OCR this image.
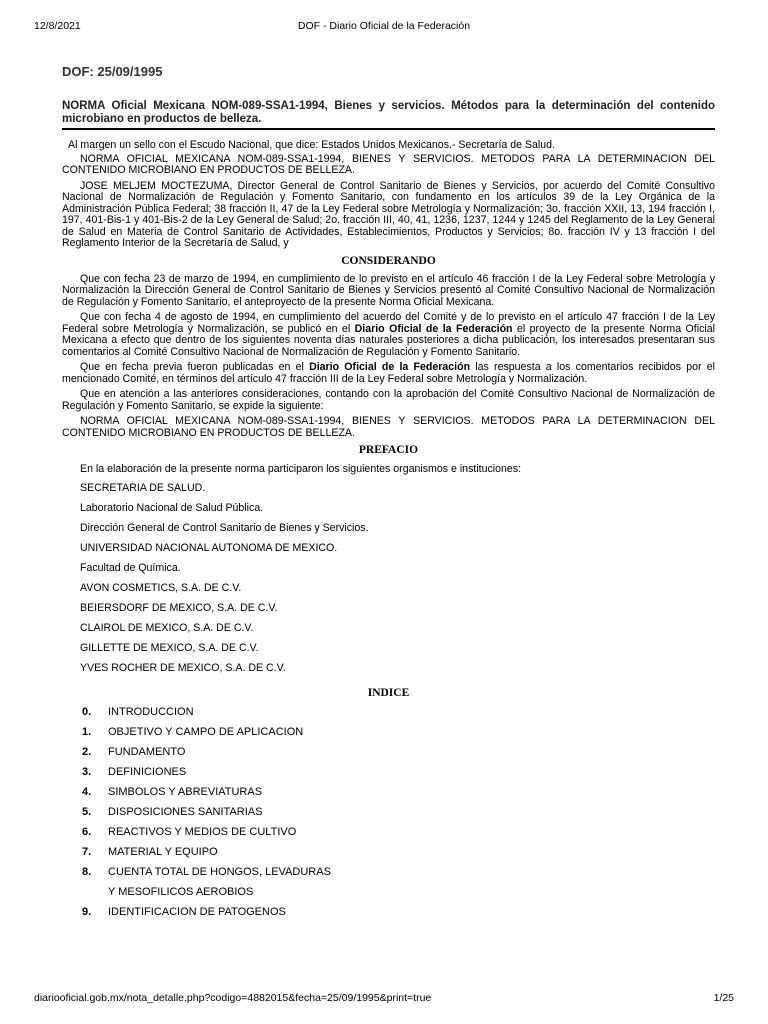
12/8/2021	DOF - Diario Oficial de la Federación
DOF: 25/09/1995
NORMA Oficial Mexicana NOM-089-SSA1-1994, Bienes y servicios. Métodos para la determinación del contenido microbiano en productos de belleza.

Al margen un sello con el Escudo Nacional, que dice: Estados Unidos Mexicanos.- Secretaría de Salud.

NORMA OFICIAL MEXICANA NOM-089-SSA1-1994, BIENES Y SERVICIOS. METODOS PARA LA DETERMINACION DEL CONTENIDO MICROBIANO EN PRODUCTOS DE BELLEZA.

JOSE MELJEM MOCTEZUMA, Director General de Control Sanitario de Bienes y Servicios, por acuerdo del Comité Consultivo Nacional de Normalización de Regulación y Fomento Sanitario, con fundamento en los artículos 39 de la Ley Orgánica de la Administración Pública Federal; 38 fracción II, 47 de la Ley Federal sobre Metrología y Normalización; 3o. fracción XXII, 13, 194 fracción I, 197, 401-Bis-1 y 401-Bis-2 de la Ley General de Salud; 2o. fracción III, 40, 41, 1236, 1237, 1244 y 1245 del Reglamento de la Ley General de Salud en Materia de Control Sanitario de Actividades, Establecimientos, Productos y Servicios; 8o. fracción IV y 13 fracción I del Reglamento Interior de la Secretaría de Salud, y

CONSIDERANDO

Que con fecha 23 de marzo de 1994, en cumplimiento de lo previsto en el artículo 46 fracción I de la Ley Federal sobre Metrología y Normalización la Dirección General de Control Sanitario de Bienes y Servicios presentó al Comité Consultivo Nacional de Normalización de Regulación y Fomento Sanitario, el anteproyecto de la presente Norma Oficial Mexicana.

Que con fecha 4 de agosto de 1994, en cumplimiento del acuerdo del Comité y de lo previsto en el artículo 47 fracción I de la Ley Federal sobre Metrología y Normalización, se publicó en el Diario Oficial de la Federación el proyecto de la presente Norma Oficial Mexicana a efecto que dentro de los siguientes noventa días naturales posteriores a dicha publicación, los interesados presentaran sus comentarios al Comité Consultivo Nacional de Normalización de Regulación y Fomento Sanitario.

Que en fecha previa fueron publicadas en el Diario Oficial de la Federación las respuesta a los comentarios recibidos por el mencionado Comité, en términos del artículo 47 fracción III de la Ley Federal sobre Metrología y Normalización.

Que en atención a las anteriores consideraciones, contando con la aprobación del Comité Consultivo Nacional de Normalización de Regulación y Fomento Sanitario, se expide la siguiente:

NORMA OFICIAL MEXICANA NOM-089-SSA1-1994, BIENES Y SERVICIOS. METODOS PARA LA DETERMINACION DEL CONTENIDO MICROBIANO EN PRODUCTOS DE BELLEZA.

PREFACIO

En la elaboración de la presente norma participaron los siguientes organismos e instituciones:

SECRETARIA DE SALUD.
Laboratorio Nacional de Salud Pública.
Dirección General de Control Sanitario de Bienes y Servicios.
UNIVERSIDAD NACIONAL AUTONOMA DE MEXICO.
Facultad de Química.
AVON COSMETICS, S.A. DE C.V.
BEIERSDORF DE MEXICO, S.A. DE C.V.
CLAIROL DE MEXICO, S.A. DE C.V.
GILLETTE DE MEXICO, S.A. DE C.V.
YVES ROCHER DE MEXICO, S.A. DE C.V.
INDICE
0. INTRODUCCION
1. OBJETIVO Y CAMPO DE APLICACION
2. FUNDAMENTO
3. DEFINICIONES
4. SIMBOLOS Y ABREVIATURAS
5. DISPOSICIONES SANITARIAS
6. REACTIVOS Y MEDIOS DE CULTIVO
7. MATERIAL Y EQUIPO
8. CUENTA TOTAL DE HONGOS, LEVADURAS
Y MESOFILICOS AEROBIOS
9. IDENTIFICACION DE PATOGENOS
diariooficial.gob.mx/nota_detalle.php?codigo=4882015&fecha=25/09/1995&print=true	1/25
